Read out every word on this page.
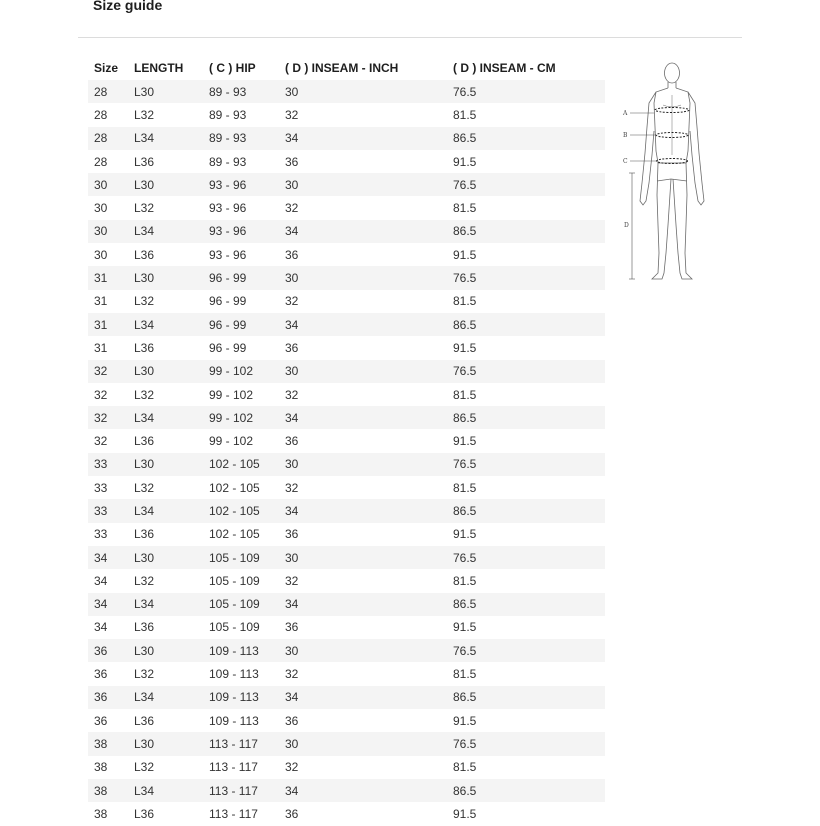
Size guide
Size	LENGTH	( C ) HIP	( D ) INSEAM - INCH	( D ) INSEAM - CM
28	L30	89 - 93	30	76.5
28	L32	89 - 93	32	81.5
28	L34	89 - 93	34	86.5
28	L36	89 - 93	36	91.5
30	L30	93 - 96	30	76.5
30	L32	93 - 96	32	81.5
30	L34	93 - 96	34	86.5
30	L36	93 - 96	36	91.5
31	L30	96 - 99	30	76.5
31	L32	96 - 99	32	81.5
31	L34	96 - 99	34	86.5
31	L36	96 - 99	36	91.5
32	L30	99 - 102	30	76.5
32	L32	99 - 102	32	81.5
32	L34	99 - 102	34	86.5
32	L36	99 - 102	36	91.5
33	L30	102 - 105	30	76.5
33	L32	102 - 105	32	81.5
33	L34	102 - 105	34	86.5
33	L36	102 - 105	36	91.5
34	L30	105 - 109	30	76.5
34	L32	105 - 109	32	81.5
34	L34	105 - 109	34	86.5
34	L36	105 - 109	36	91.5
36	L30	109 - 113	30	76.5
36	L32	109 - 113	32	81.5
36	L34	109 - 113	34	86.5
36	L36	109 - 113	36	91.5
38	L30	113 - 117	30	76.5
38	L32	113 - 117	32	81.5
38	L34	113 - 117	34	86.5
38	L36	113 - 117	36	91.5
A
B
C
D
